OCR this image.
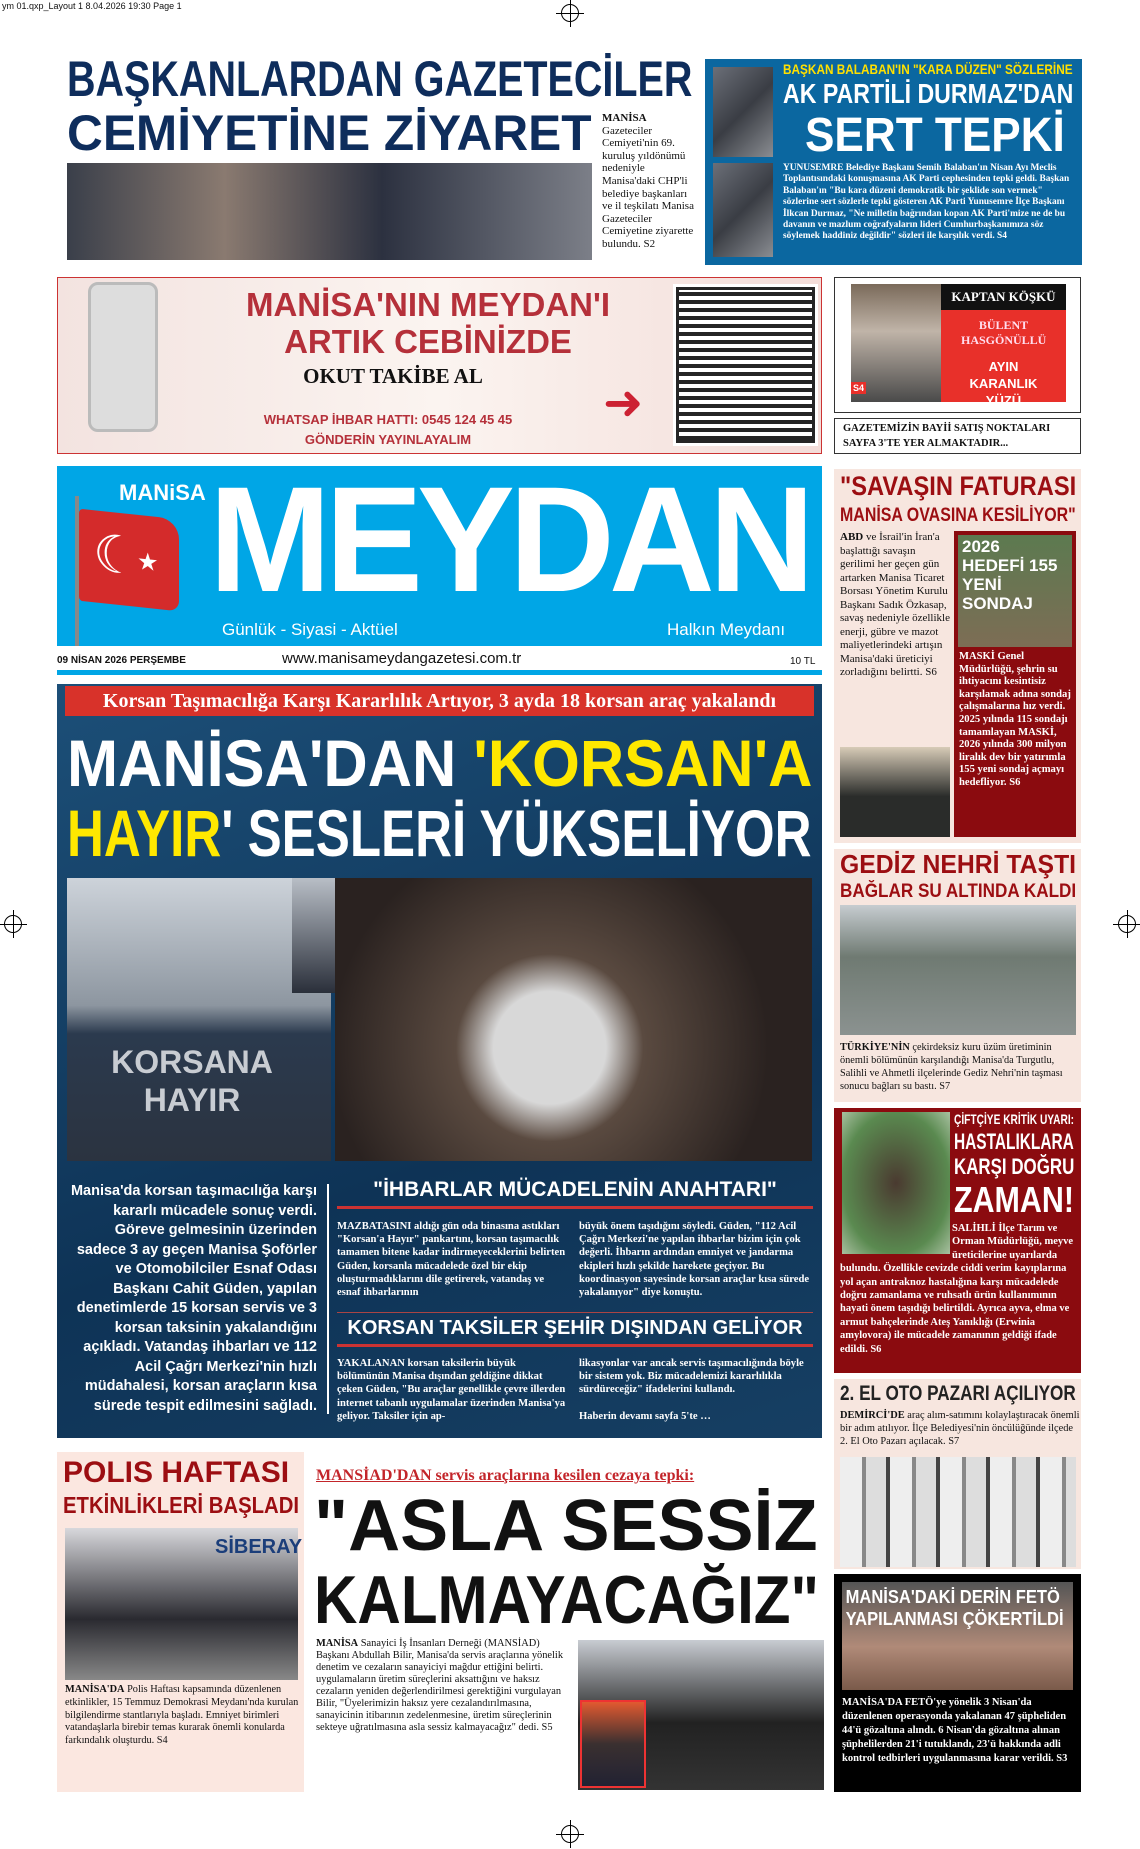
ym 01.qxp_Layout 1 8.04.2026 19:30 Page 1
BAŞKANLARDAN GAZETECİLER
CEMİYETİNE ZİYARET MANİSA Gazeteciler Cemiyeti'nin 69. kuruluş yıldönümü nedeniyle Manisa'daki CHP'li belediye başkanları ve il teşkilatı Manisa Gazeteciler Cemiyetine ziyarette bulundu. S2

BAŞKAN BALABAN'IN "KARA DÜZEN" SÖZLERİNE
AK PARTİLİ DURMAZ'DAN
SERT TEPKİ

YUNUSEMRE Belediye Başkanı Semih Balaban'ın Nisan Ayı Meclis Toplantısındaki konuşmasına AK Parti cephesinden tepki geldi. Başkan Balaban'ın "Bu kara düzeni demokratik bir şeklide son vermek" sözlerine sert sözlerle tepki gösteren AK Parti Yunusemre İlçe Başkanı İlkcan Durmaz, "Ne milletin bağrından kopan AK Parti'mize ne de bu davanın ve mazlum coğrafyaların lideri Cumhurbaşkanımıza söz söylemek haddiniz değildir" sözleri ile karşılık verdi. S4

MANİSA'NIN MEYDAN'I
ARTIK CEBİNİZDE
OKUT TAKİBE AL
WHATSAP İHBAR HATTI: 0545 124 45 45
GÖNDERİN YAYINLAYALIM
➜	S4
KAPTAN KÖŞKÜ
BÜLENT HASGÖNÜLLÜ
AYIN KARANLIK YÜZÜ
GAZETEMİZİN BAYİİ SATIŞ NOKTALARI SAYFA 3'TE YER ALMAKTADIR...
☾
★
MANiSA MEYDAN
Günlük - Siyasi - Aktüel	Halkın Meydanı
09 NİSAN 2026 PERŞEMBE	www.manisameydangazetesi.com.tr	10 TL
Korsan Taşımacılığa Karşı Kararlılık Artıyor, 3 ayda 18 korsan araç yakalandı
MANİSA'DAN 'KORSAN'A
HAYIR' SESLERİ YÜKSELİYOR
KORSANA HAYIR

Manisa'da korsan taşımacılığa karşı kararlı mücadele sonuç verdi. Göreve gelmesinin üzerinden sadece 3 ay geçen Manisa Şoförler ve Otomobilciler Esnaf Odası Başkanı Cahit Güden, yapılan denetimlerde 15 korsan servis ve 3 korsan taksinin yakalandığını açıkladı. Vatandaş ihbarları ve 112 Acil Çağrı Merkezi'nin hızlı müdahalesi, korsan araçların kısa sürede tespit edilmesini sağladı.

"İHBARLAR MÜCADELENİN ANAHTARI"

MAZBATASINI aldığı gün oda binasına astıkları "Korsan'a Hayır" pankartını, korsan taşımacılık tamamen bitene kadar indirmeyeceklerini belirten Güden, korsanla mücadelede özel bir ekip oluşturmadıklarını dile getirerek, vatandaş ve esnaf ihbarlarının

büyük önem taşıdığını söyledi. Güden, "112 Acil Çağrı Merkezi'ne yapılan ihbarlar bizim için çok değerli. İhbarın ardından emniyet ve jandarma ekipleri hızlı şekilde harekete geçiyor. Bu koordinasyon sayesinde korsan araçlar kısa sürede yakalanıyor" diye konuştu.

KORSAN TAKSİLER ŞEHİR DIŞINDAN GELİYOR

YAKALANAN korsan taksilerin büyük bölümünün Manisa dışından geldiğine dikkat çeken Güden, "Bu araçlar genellikle çevre illerden internet tabanlı uygulamalar üzerinden Manisa'ya geliyor. Taksiler için ap-

likasyonlar var ancak servis taşımacılığında böyle bir sistem yok. Biz mücadelemizi kararlılıkla sürdüreceğiz" ifadelerini kullandı.

Haberin devamı sayfa 5'te …

"SAVAŞIN FATURASI
MANİSA OVASINA KESİLİYOR"

ABD ve İsrail'in İran'a başlattığı savaşın gerilimi her geçen gün artarken Manisa Ticaret Borsası Yönetim Kurulu Başkanı Sadık Özkasap, savaş nedeniyle özellikle enerji, gübre ve mazot maliyetlerindeki artışın Manisa'daki üreticiyi zorladığını belirtti. S6

2026 HEDEFİ 155 YENİ SONDAJ

MASKİ Genel Müdürlüğü, şehrin su ihtiyacını kesintisiz karşılamak adına sondaj çalışmalarına hız verdi. 2025 yılında 115 sondajı tamamlayan MASKİ, 2026 yılında 300 milyon liralık dev bir yatırımla 155 yeni sondaj açmayı hedefliyor. S6

GEDİZ NEHRİ TAŞTI
BAĞLAR SU ALTINDA KALDI

TÜRKİYE'NİN çekirdeksiz kuru üzüm üretiminin önemli bölümünün karşılandığı Manisa'da Turgutlu, Salihli ve Ahmetli ilçelerinde Gediz Nehri'nin taşması sonucu bağları su bastı. S7

ÇİFTÇİYE KRİTİK UYARI:
HASTALIKLARA
KARŞI DOĞRU
ZAMAN!

SALİHLİ İlçe Tarım ve Orman Müdürlüğü, meyve üreticilerine uyarılarda bulundu. Özellikle cevizde ciddi verim kayıplarına yol açan antraknoz hastalığına karşı mücadelede doğru zamanlama ve ruhsatlı ürün kullanımının hayati önem taşıdığı belirtildi. Ayrıca ayva, elma ve armut bahçelerinde Ateş Yanıklığı (Erwinia amylovora) ile mücadele zamanının geldiği ifade edildi. S6

2. EL OTO PAZARI AÇILIYOR

DEMİRCİ'DE araç alım-satımını kolaylaştıracak önemli bir adım atılıyor. İlçe Belediyesi'nin öncülüğünde ilçede 2. El Oto Pazarı açılacak. S7

MANİSA'DAKİ DERİN FETÖ
YAPILANMASI ÇÖKERTİLDİ

MANİSA'DA FETÖ'ye yönelik 3 Nisan'da düzenlenen operasyonda yakalanan 47 şüpheliden 44'ü gözaltına alındı. 6 Nisan'da gözaltına alınan şüphelilerden 21'i tutuklandı, 23'ü hakkında adli kontrol tedbirleri uygulanmasına karar verildi. S3

POLIS HAFTASI
ETKİNLİKLERİ BAŞLADI
SİBERAY

MANİSA'DA Polis Haftası kapsamında düzenlenen etkinlikler, 15 Temmuz Demokrasi Meydanı'nda kurulan bilgilendirme stantlarıyla başladı. Emniyet birimleri vatandaşlarla birebir temas kurarak önemli konularda farkındalık oluşturdu. S4

MANSİAD'DAN servis araçlarına kesilen cezaya tepki:
"ASLA SESSİZ
KALMAYACAĞIZ"

MANİSA Sanayici İş İnsanları Derneği (MANSİAD) Başkanı Abdullah Bilir, Manisa'da servis araçlarına yönelik denetim ve cezaların sanayiciyi mağdur ettiğini belirti. uygulamaların üretim süreçlerini aksattığını ve haksız cezaların yeniden değerlendirilmesi gerektiğini vurgulayan Bilir, "Üyelerimizin haksız yere cezalandırılmasına, sanayicinin itibarının zedelenmesine, üretim süreçlerinin sekteye uğratılmasına asla sessiz kalmayacağız" dedi. S5
